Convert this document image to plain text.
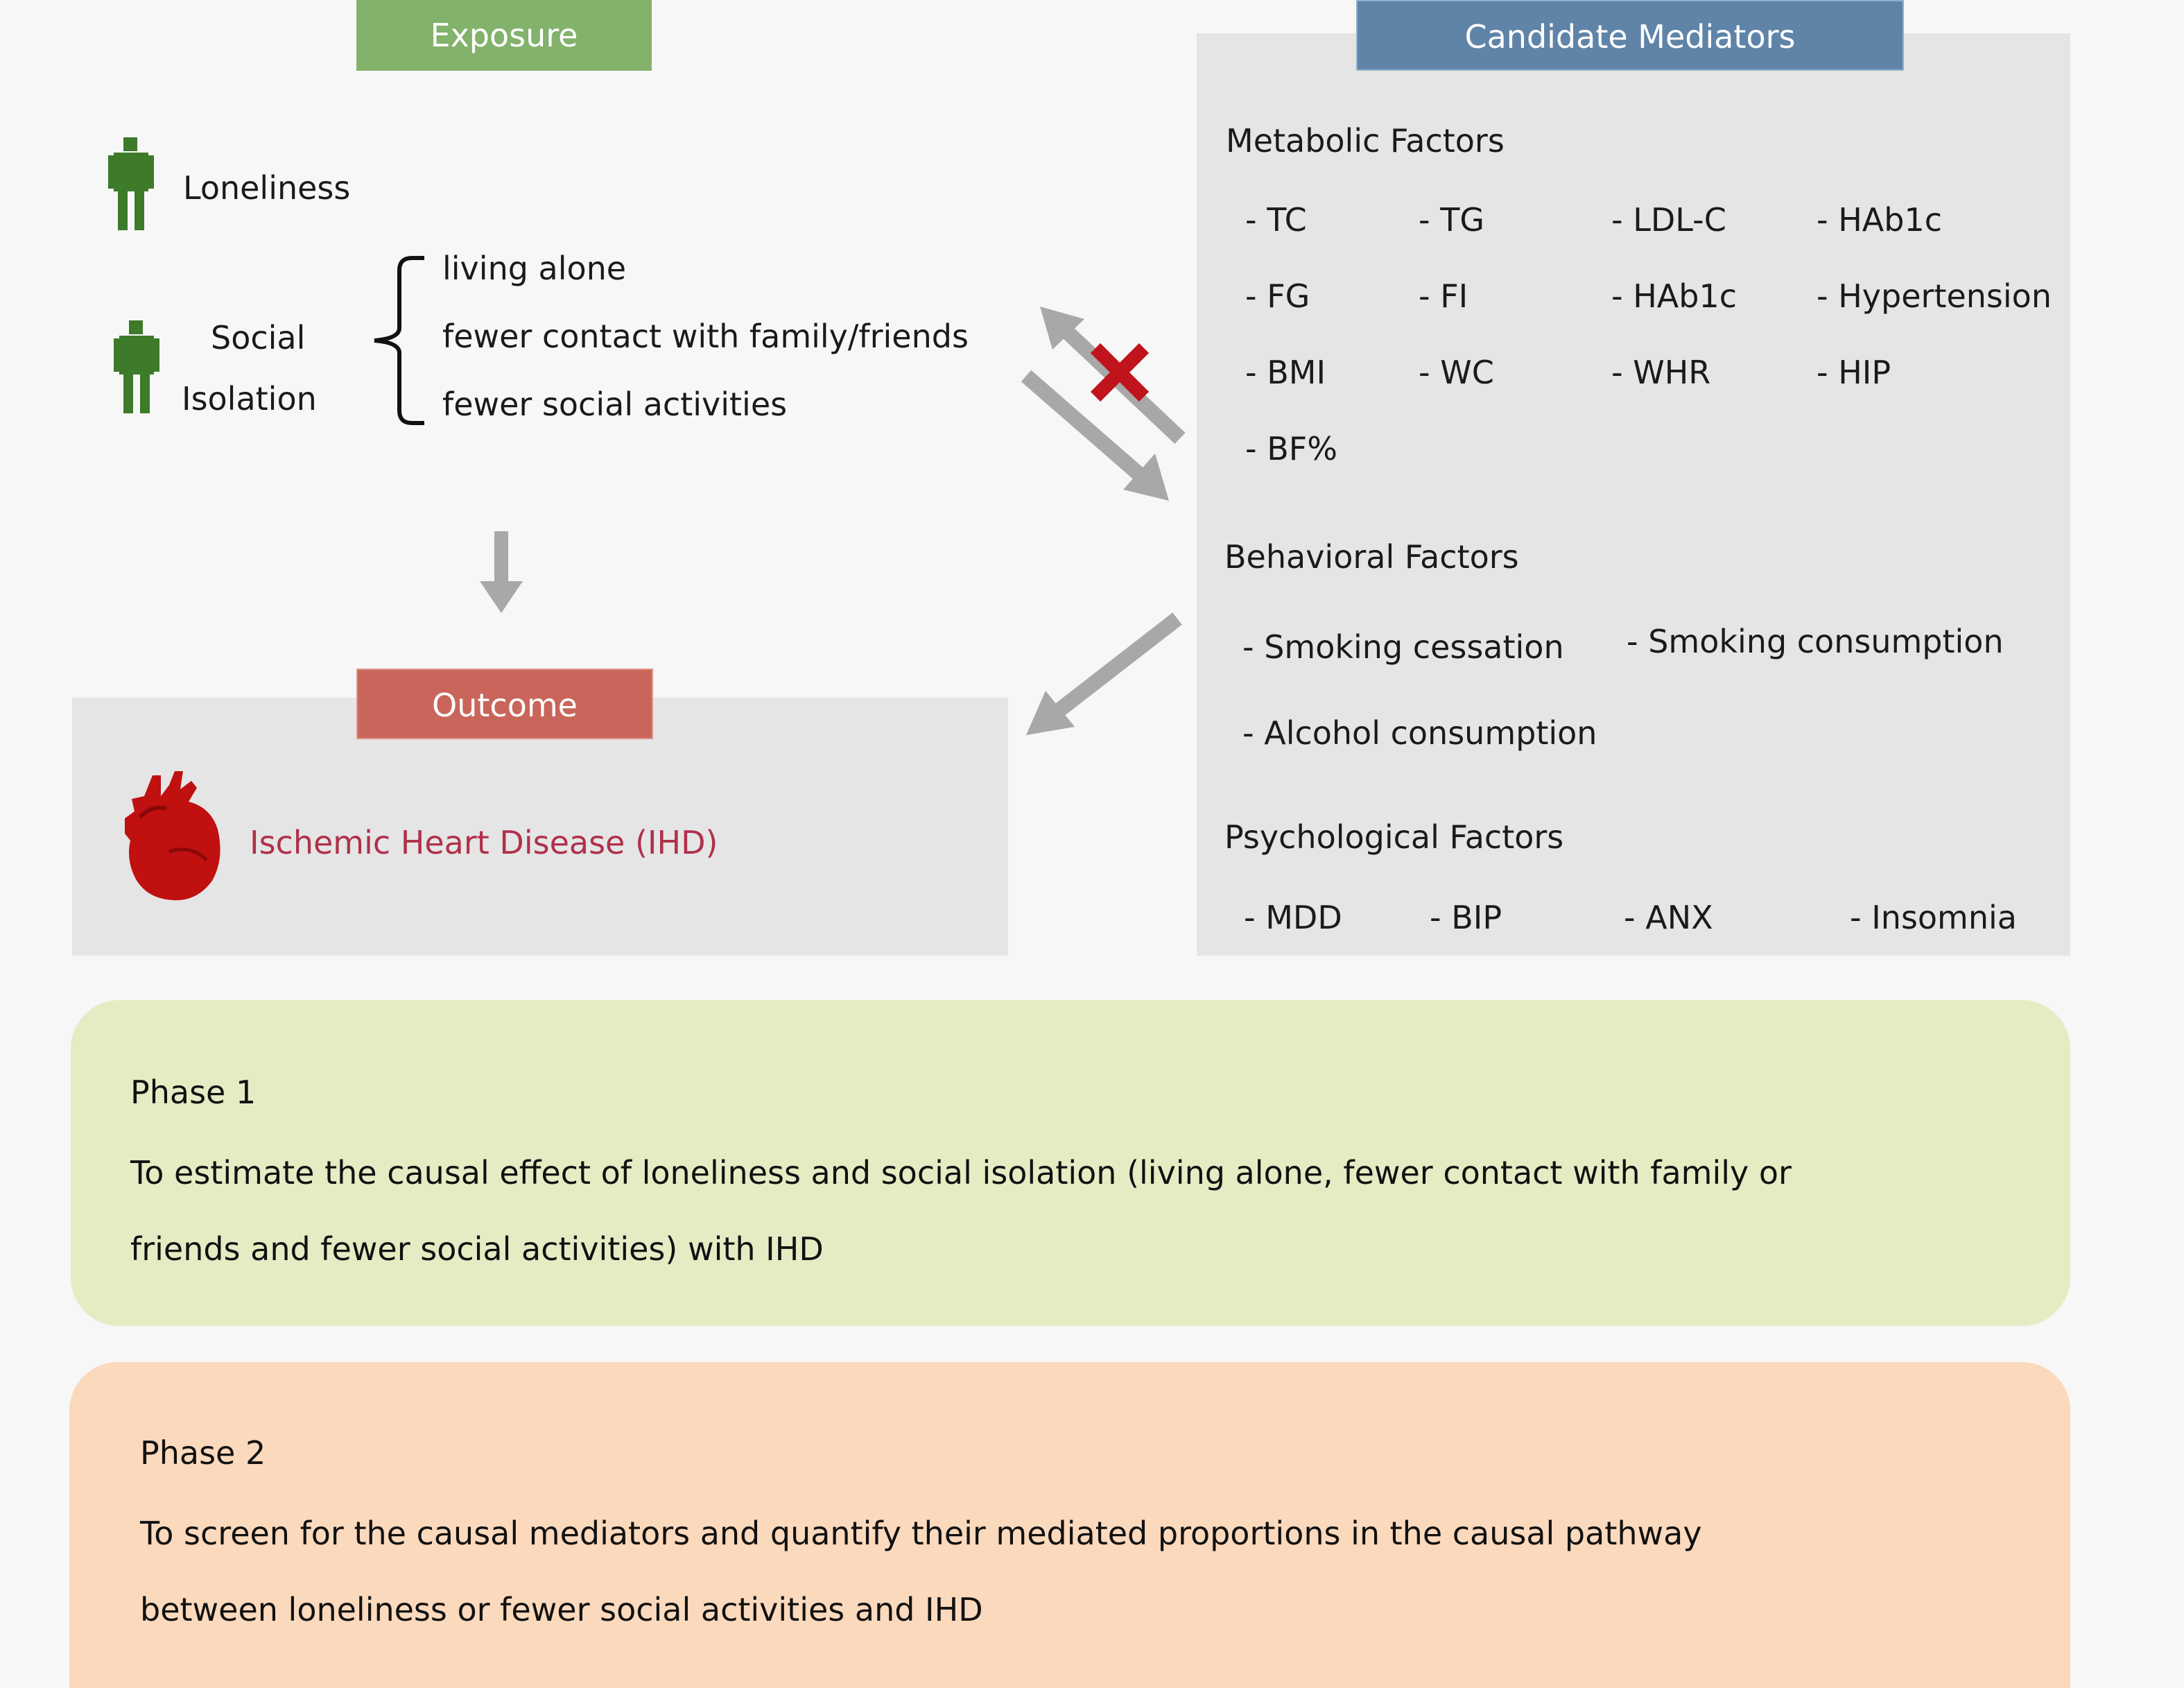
Exposure	Candidate Mediators
Outcome
Loneliness
Social
Isolation
living alone
fewer contact with family/friends
fewer social activities
Ischemic Heart Disease (IHD)
Metabolic Factors
- TC	- TG	- LDL-C	- HAb1c
- FG	- FI	- HAb1c - Hypertension
- BMI	- WC	- WHR	- HIP
- BF%
Behavioral Factors
- Smoking cessation - Smoking consumption
- Alcohol consumption
Psychological Factors
- MDD	- BIP	- ANX	- Insomnia
Phase 1
To estimate the causal effect of loneliness and social isolation (living alone, fewer contact with family or
friends and fewer social activities) with IHD
Phase 2
To screen for the causal mediators and quantify their mediated proportions in the causal pathway
between loneliness or fewer social activities and IHD
